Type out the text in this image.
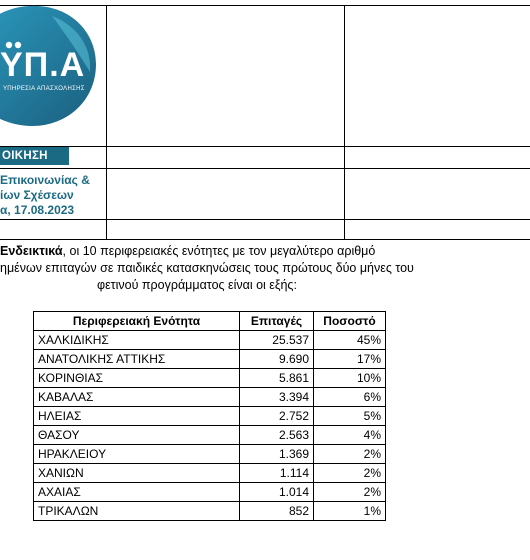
ΥΠ.Α
ΥΠΗΡΕΣΙΑ ΑΠΑΣΧΟΛΗΣΗΣ
ΟΙΚΗΣΗ
Επικοινωνίας &
ίων Σχέσεων
α, 17.08.2023
Ενδεικτικά, οι 10 περιφερειακές ενότητες με τον μεγαλύτερο αριθμό
ημένων επιταγών σε παιδικές κατασκηνώσεις τους πρώτους δύο μήνες του
φετινού προγράμματος είναι οι εξής:
Περιφερειακή Ενότητα	Επιταγές	Ποσοστό
ΧΑΛΚΙΔΙΚΗΣ	25.537	45%
ΑΝΑΤΟΛΙΚΗΣ ΑΤΤΙΚΗΣ	9.690	17%
ΚΟΡΙΝΘΙΑΣ	5.861	10%
ΚΑΒΑΛΑΣ	3.394	6%
ΗΛΕΙΑΣ	2.752	5%
ΘΑΣΟΥ	2.563	4%
ΗΡΑΚΛΕΙΟΥ	1.369	2%
ΧΑΝΙΩΝ	1.114	2%
ΑΧΑΙΑΣ	1.014	2%
ΤΡΙΚΑΛΩΝ	852	1%
